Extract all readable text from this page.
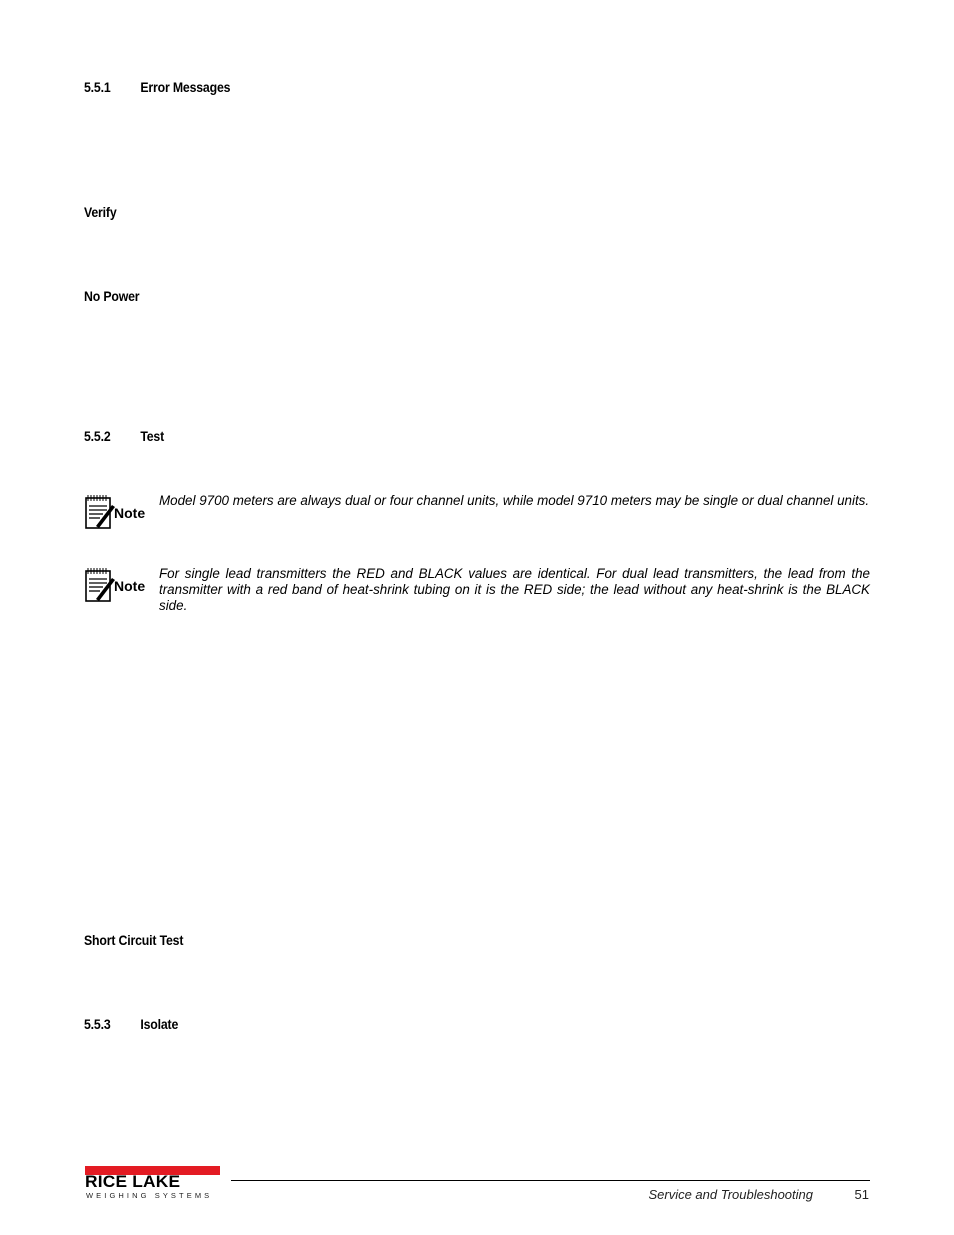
5.5.1 Error Messages
Verify
No Power
5.5.2 Test
Note
Model 9700 meters are always dual or four channel units, while model 9710 meters may be single or dual channel units.
Note
For single lead transmitters the RED and BLACK values are identical. For dual lead transmitters, the lead from the transmitter with a red band of heat-shrink tubing on it is the RED side; the lead without any heat-shrink is the BLACK side.
Short Circuit Test
5.5.3 Isolate
RICE LAKE
WEIGHING SYSTEMS	Service and Troubleshooting	51
